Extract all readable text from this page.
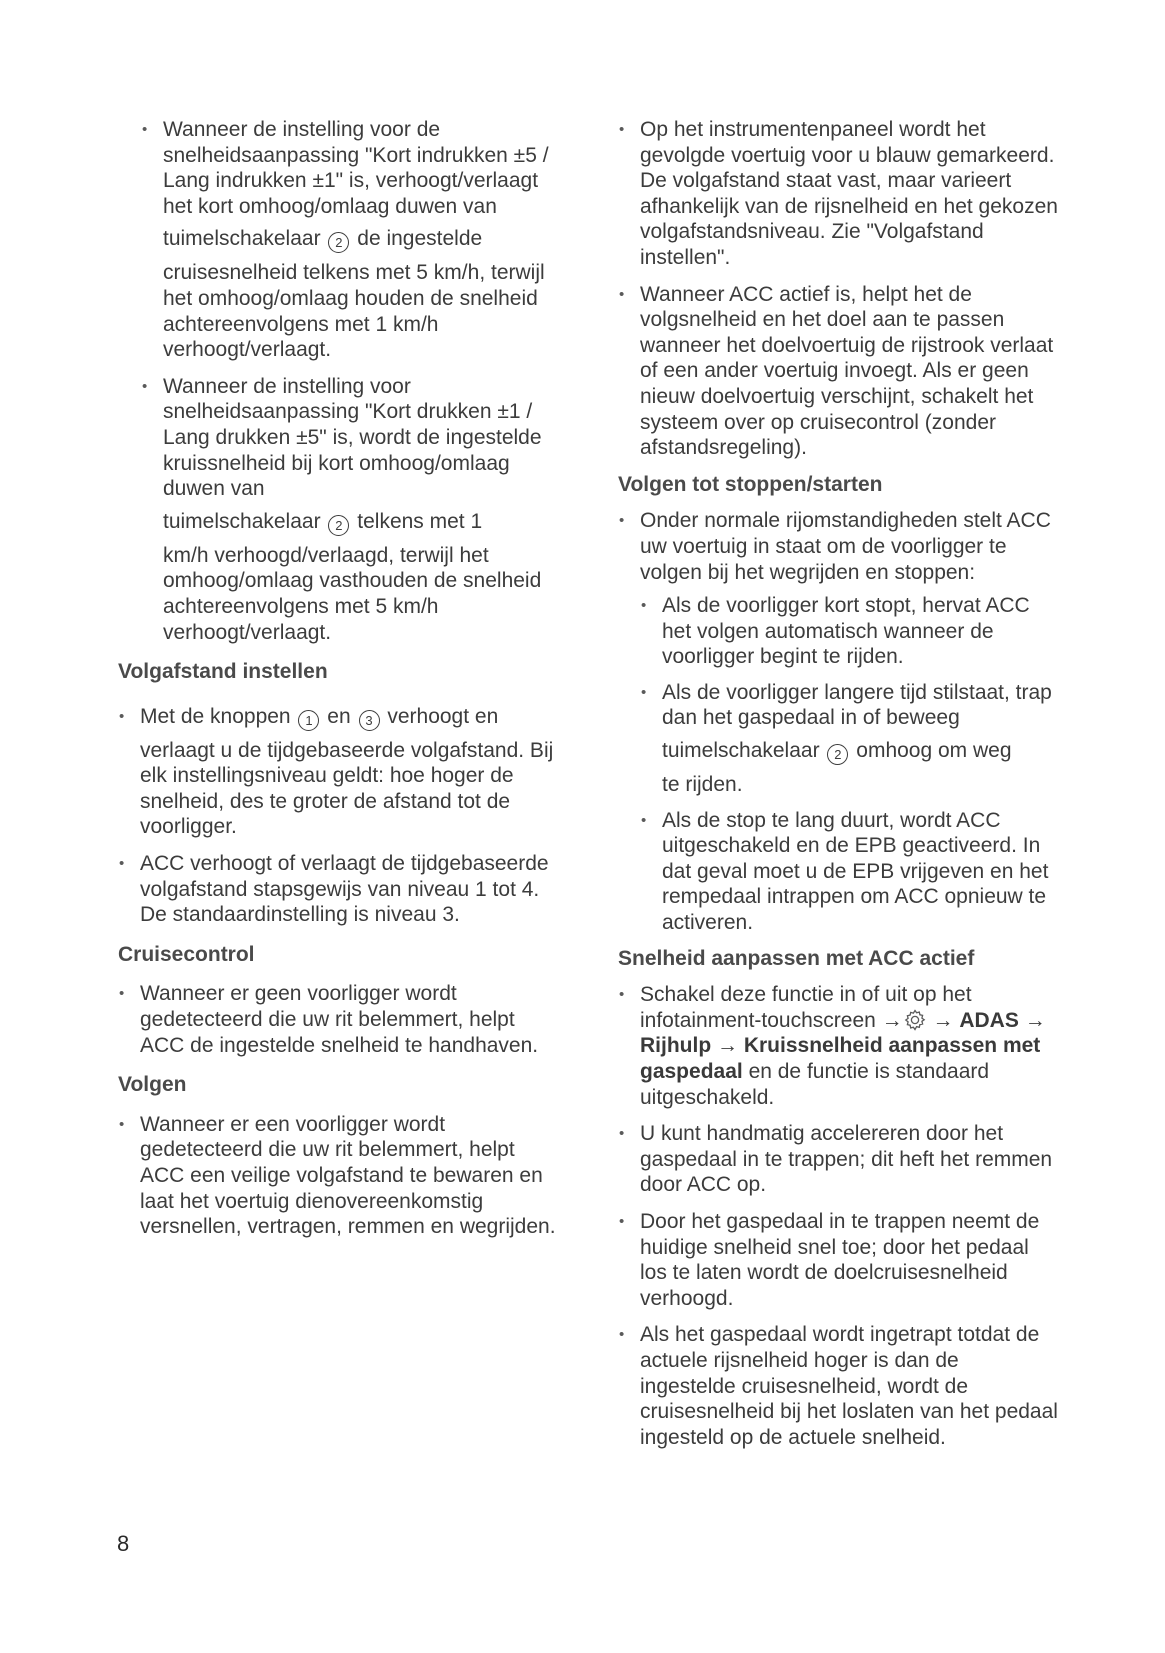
• Wanneer de instelling voor de snelheidsaanpassing "Kort indrukken ±5 / Lang indrukken ±1" is, verhoogt/verlaagt het kort omhoog/omlaag duwen van
tuimelschakelaar 2 de ingestelde
cruisesnelheid telkens met 5 km/h, terwijl het omhoog/omlaag houden de snelheid achtereenvolgens met 1 km/h verhoogt/verlaagt.
• Wanneer de instelling voor snelheidsaanpassing "Kort drukken ±1 / Lang drukken ±5" is, wordt de ingestelde kruissnelheid bij kort omhoog/omlaag duwen van
tuimelschakelaar 2 telkens met 1
km/h verhoogd/verlaagd, terwijl het omhoog/omlaag vasthouden de snelheid achtereenvolgens met 5 km/h verhoogt/verlaagt.
Volgafstand instellen
• Met de knoppen 1 en 3 verhoogt en
verlaagt u de tijdgebaseerde volgafstand. Bij elk instellingsniveau geldt: hoe hoger de snelheid, des te groter de afstand tot de voorligger.
• ACC verhoogt of verlaagt de tijdgebaseerde volgafstand stapsgewijs van niveau 1 tot 4. De standaardinstelling is niveau 3.
Cruisecontrol
• Wanneer er geen voorligger wordt gedetecteerd die uw rit belemmert, helpt ACC de ingestelde snelheid te handhaven.
Volgen
• Wanneer er een voorligger wordt gedetecteerd die uw rit belemmert, helpt ACC een veilige volgafstand te bewaren en laat het voertuig dienovereenkomstig versnellen, vertragen, remmen en wegrijden.
• Op het instrumentenpaneel wordt het gevolgde voertuig voor u blauw gemarkeerd. De volgafstand staat vast, maar varieert afhankelijk van de rijsnelheid en het gekozen volgafstandsniveau. Zie "Volgafstand instellen".
• Wanneer ACC actief is, helpt het de volgsnelheid en het doel aan te passen wanneer het doelvoertuig de rijstrook verlaat of een ander voertuig invoegt. Als er geen nieuw doelvoertuig verschijnt, schakelt het systeem over op cruisecontrol (zonder afstandsregeling).
Volgen tot stoppen/starten
• Onder normale rijomstandigheden stelt ACC uw voertuig in staat om de voorligger te volgen bij het wegrijden en stoppen:
• Als de voorligger kort stopt, hervat ACC het volgen automatisch wanneer de voorligger begint te rijden.
• Als de voorligger langere tijd stilstaat, trap dan het gaspedaal in of beweeg
tuimelschakelaar 2 omhoog om weg
te rijden.
• Als de stop te lang duurt, wordt ACC uitgeschakeld en de EPB geactiveerd. In dat geval moet u de EPB vrijgeven en het rempedaal intrappen om ACC opnieuw te activeren.
Snelheid aanpassen met ACC actief
• Schakel deze functie in of uit op het infotainment-touchscreen → → ADAS → Rijhulp → Kruissnelheid aanpassen met gaspedaal en de functie is standaard uitgeschakeld.
• U kunt handmatig accelereren door het gaspedaal in te trappen; dit heft het remmen door ACC op.
• Door het gaspedaal in te trappen neemt de huidige snelheid snel toe; door het pedaal los te laten wordt de doelcruisesnelheid verhoogd.
• Als het gaspedaal wordt ingetrapt totdat de actuele rijsnelheid hoger is dan de ingestelde cruisesnelheid, wordt de cruisesnelheid bij het loslaten van het pedaal ingesteld op de actuele snelheid.
8
